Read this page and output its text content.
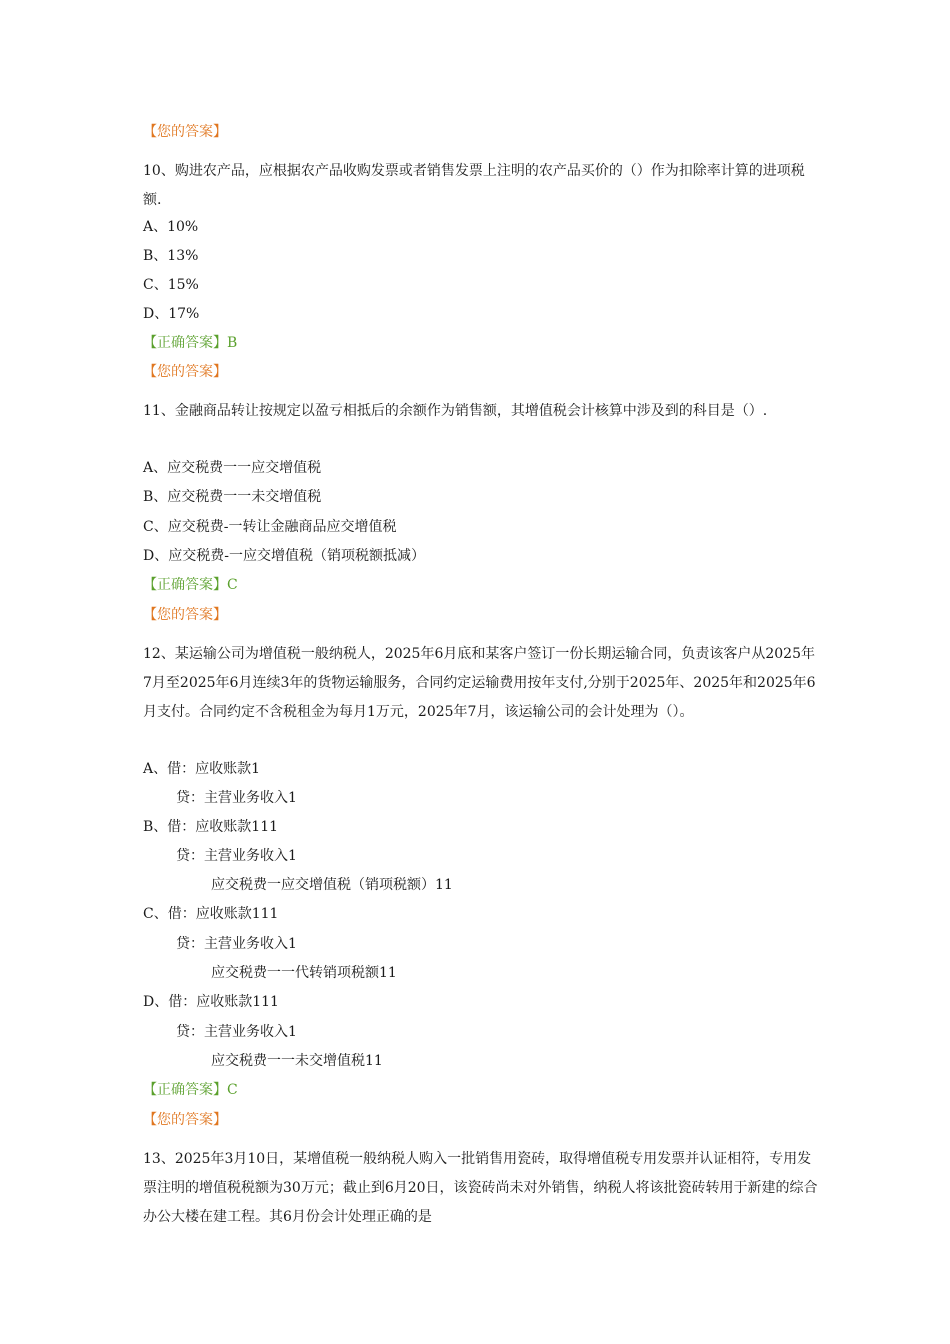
【您的答案】
10、购进农产品，应根据农产品收购发票或者销售发票上注明的农产品买价的（）作为扣除率计算的进项税额.
A、10%
B、13%
C、15%
D、17%
【正确答案】B
【您的答案】
11、金融商品转让按规定以盈亏相抵后的余额作为销售额，其增值税会计核算中涉及到的科目是（）.
A、应交税费一一应交增值税
B、应交税费一一未交增值税
C、应交税费-一转让金融商品应交增值税
D、应交税费-一应交增值税（销项税额抵减）
【正确答案】C
【您的答案】
12、某运输公司为增值税一般纳税人，2025年6月底和某客户签订一份长期运输合同，负责该客户从2025年7月至2025年6月连续3年的货物运输服务，合同约定运输费用按年支付,分别于2025年、2025年和2025年6月支付。合同约定不含税租金为每月1万元，2025年7月，该运输公司的会计处理为（）。
A、借：应收账款1
贷：主营业务收入1
B、借：应收账款111
贷：主营业务收入1
应交税费一应交增值税（销项税额）11
C、借：应收账款111
贷：主营业务收入1
应交税费一一代转销项税额11
D、借：应收账款111
贷：主营业务收入1
应交税费一一未交增值税11
【正确答案】C
【您的答案】
13、2025年3月10日，某增值税一般纳税人购入一批销售用瓷砖，取得增值税专用发票并认证相符，专用发票注明的增值税税额为30万元；截止到6月20日，该瓷砖尚未对外销售，纳税人将该批瓷砖转用于新建的综合办公大楼在建工程。其6月份会计处理正确的是
